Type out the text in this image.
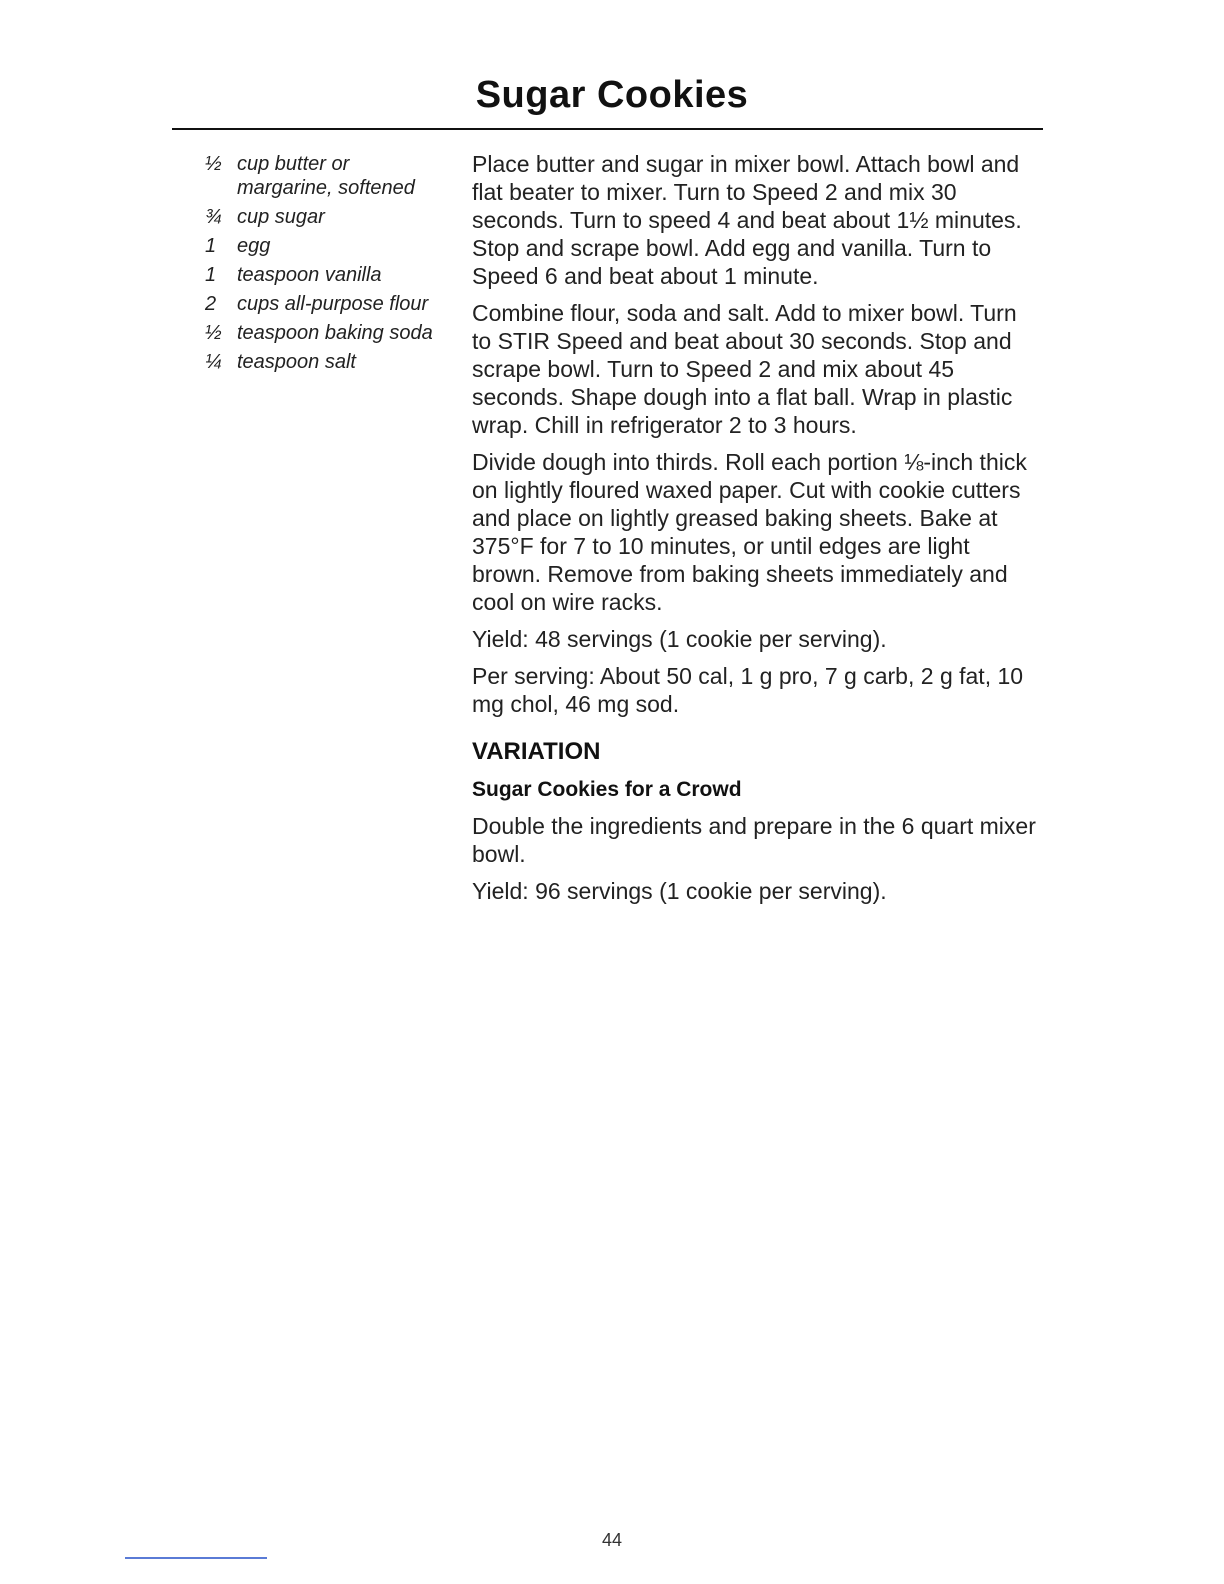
Sugar Cookies
½ cup butter or margarine, softened
¾ cup sugar
1	egg
1	teaspoon vanilla
2	cups all-purpose flour
½ teaspoon baking soda
¼ teaspoon salt

Place butter and sugar in mixer bowl. Attach bowl and flat beater to mixer. Turn to Speed 2 and mix 30 seconds. Turn to speed 4 and beat about 1½ minutes. Stop and scrape bowl. Add egg and vanilla. Turn to Speed 6 and beat about 1 minute.

Combine flour, soda and salt. Add to mixer bowl. Turn to STIR Speed and beat about 30 seconds. Stop and scrape bowl. Turn to Speed 2 and mix about 45 seconds. Shape dough into a flat ball. Wrap in plastic wrap. Chill in refrigerator 2 to 3 hours.

Divide dough into thirds. Roll each portion ⅛-inch thick on lightly floured waxed paper. Cut with cookie cutters and place on lightly greased baking sheets. Bake at 375°F for 7 to 10 minutes, or until edges are light brown. Remove from baking sheets immediately and cool on wire racks.

Yield: 48 servings (1 cookie per serving).

Per serving: About 50 cal, 1 g pro, 7 g carb, 2 g fat, 10 mg chol, 46 mg sod.

VARIATION
Sugar Cookies for a Crowd

Double the ingredients and prepare in the 6 quart mixer bowl.

Yield: 96 servings (1 cookie per serving).

44
